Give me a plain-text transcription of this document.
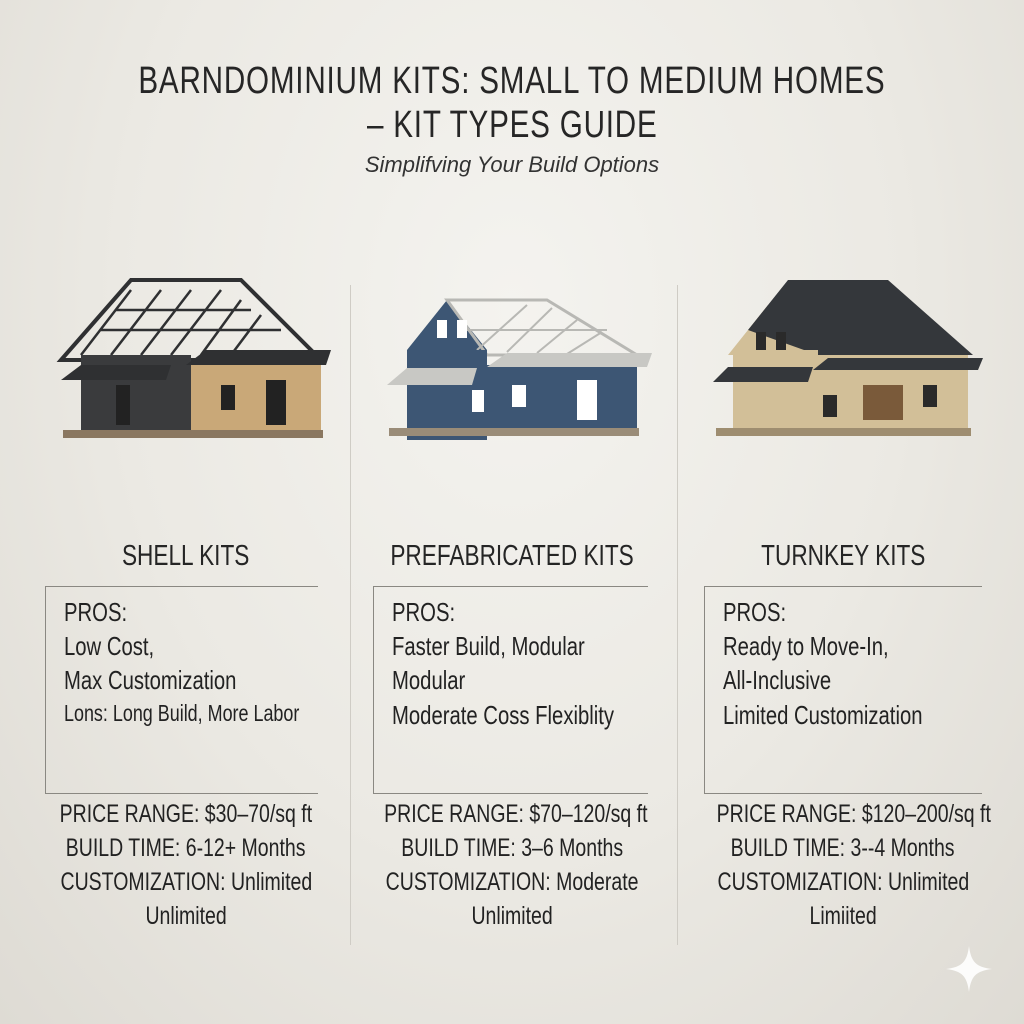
BARNDOMINIUM KITS: SMALL TO MEDIUM HOMES
– KIT TYPES GUIDE
Simplifving Your Build Options
SHELL KITS
PROS:
Low Cost,
Max Customization
Lons: Long Build, More Labor
PRICE RANGE: $30–70/sq ft
BUILD TIME: 6-12+ Months
CUSTOMIZATION: Unlimited
Unlimited
PREFABRICATED KITS
PROS:
Faster Build, Modular
Modular
Moderate Coss Flexiblity
PRICE RANGE: $70–120/sq ft
BUILD TIME: 3–6 Months
CUSTOMIZATION: Moderate
Unlimited
TURNKEY KITS
PROS:
Ready to Move-In,
All-Inclusive
Limited Customization
PRICE RANGE: $120–200/sq ft
BUILD TIME: 3--4 Months
CUSTOMIZATION: Unlimited
Limiited
